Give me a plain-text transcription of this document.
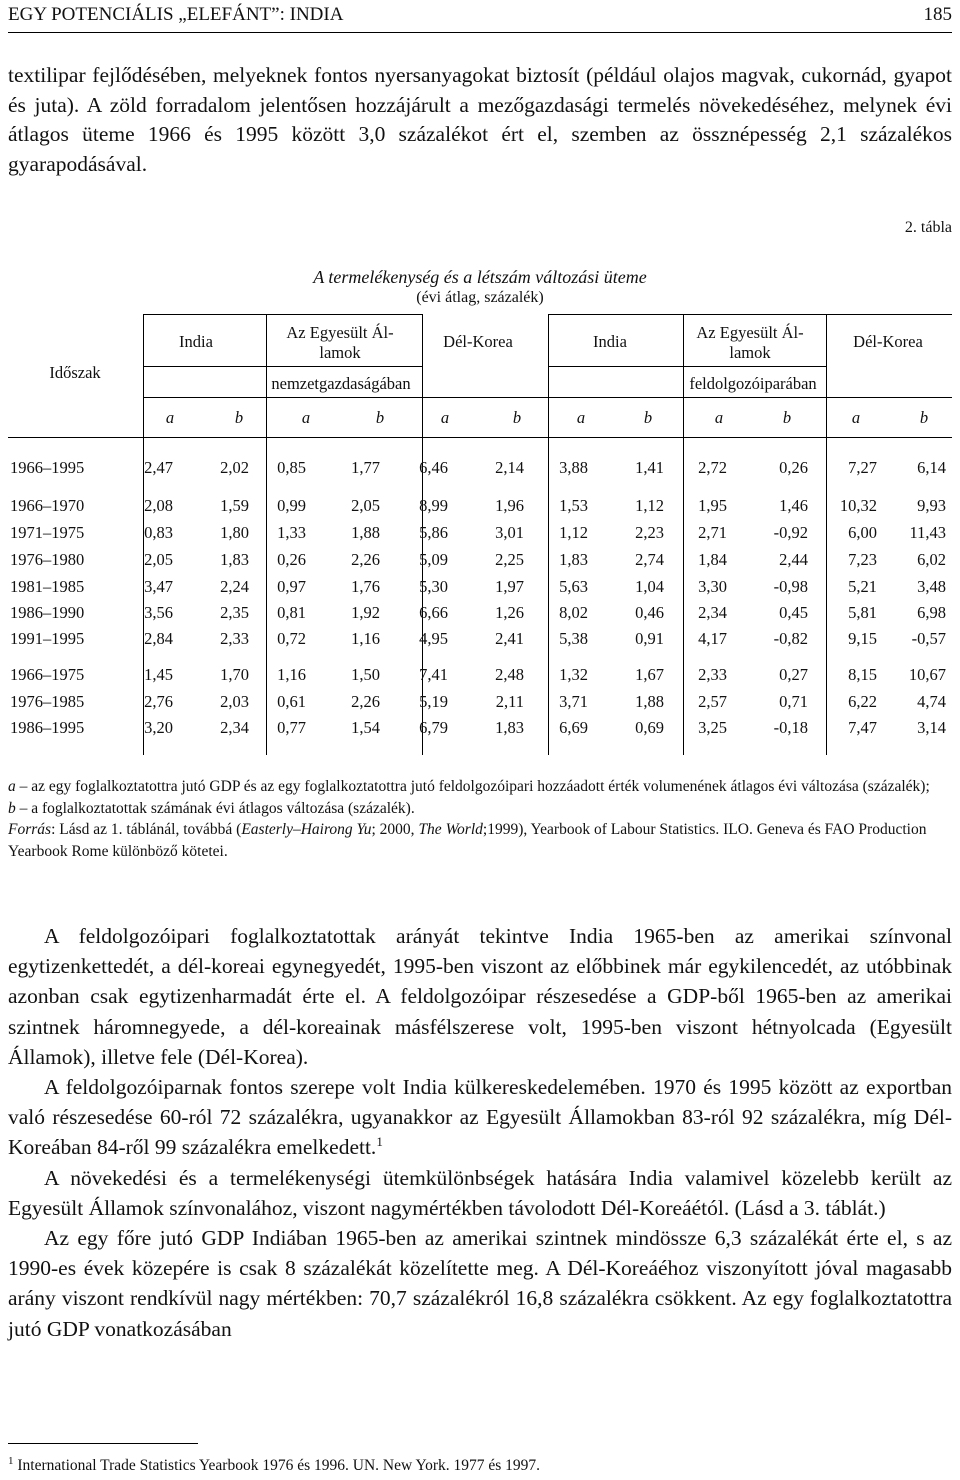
EGY POTENCIÁLIS „ELEFÁNT”: INDIA	185
textilipar fejlődésében, melyeknek fontos nyersanyagokat biztosít (például olajos magvak, cukornád, gyapot és juta). A zöld forradalom jelentősen hozzájárult a mezőgazdasági termelés növekedéséhez, melynek évi átlagos üteme 1966 és 1995 között 3,0 százalékot ért el, szemben az össznépesség 2,1 százalékos gyarapodásával.
2. tábla
A termelékenység és a létszám változási üteme
(évi átlag, százalék)
Időszak
India	Az Egyesült Ál-
lamok
Dél-Korea	India	Az Egyesült Ál-
lamok
Dél-Korea
nemzetgazdaságában	feldolgozóiparában
a	b	a	b	a	b	a	b	a	b	a	b
1966–1995	2,47	2,02 0,85	1,77 6,46	2,14 3,88	1,41 2,72	0,26 7,27 6,14
1966–1970	2,08	1,59 0,99	2,05 8,99	1,96 1,53	1,12 1,95	1,46 10,32 9,93
1971–1975	0,83	1,80 1,33	1,88 5,86	3,01 1,12	2,23 2,71	-0,92 6,00 11,43
1976–1980	2,05	1,83 0,26	2,26 5,09	2,25 1,83	2,74 1,84	2,44 7,23 6,02
1981–1985	3,47	2,24 0,97	1,76 5,30	1,97 5,63	1,04 3,30	-0,98 5,21 3,48
1986–1990	3,56	2,35 0,81	1,92 6,66	1,26 8,02	0,46 2,34	0,45 5,81 6,98
1991–1995	2,84	2,33 0,72	1,16 4,95	2,41 5,38	0,91 4,17	-0,82 9,15 -0,57
1966–1975	1,45	1,70 1,16	1,50 7,41	2,48 1,32	1,67 2,33	0,27 8,15 10,67
1976–1985	2,76	2,03 0,61	2,26 5,19	2,11 3,71	1,88 2,57	0,71 6,22 4,74
1986–1995	3,20	2,34 0,77	1,54 6,79	1,83 6,69	0,69 3,25	-0,18 7,47 3,14

a – az egy foglalkoztatottra jutó GDP és az egy foglalkoztatottra jutó feldolgozóipari hozzáadott érték volumenének átlagos évi változása (százalék);

b – a foglalkoztatottak számának évi átlagos változása (százalék).

Forrás: Lásd az 1. táblánál, továbbá (Easterly–Hairong Yu; 2000, The World;1999), Yearbook of Labour Statistics. ILO. Geneva és FAO Production Yearbook Rome különböző kötetei.

A feldolgozóipari foglalkoztatottak arányát tekintve India 1965-ben az amerikai színvonal egytizenkettedét, a dél-koreai egynegyedét, 1995-ben viszont az előbbinek már egykilencedét, az utóbbinak azonban csak egytizenharmadát érte el. A feldolgozóipar részesedése a GDP-ből 1965-ben az amerikai szintnek háromnegyede, a dél-koreainak másfélszerese volt, 1995-ben viszont hétnyolcada (Egyesült Államok), illetve fele (Dél-Korea).

A feldolgozóiparnak fontos szerepe volt India külkereskedelemében. 1970 és 1995 között az exportban való részesedése 60-ról 72 százalékra, ugyanakkor az Egyesült Államokban 83-ról 92 százalékra, míg Dél-Koreában 84-ről 99 százalékra emelkedett.$^1$

A növekedési és a termelékenységi ütemkülönbségek hatására India valamivel közelebb került az Egyesült Államok színvonalához, viszont nagymértékben távolodott Dél-Koreáétól. (Lásd a 3. táblát.)

Az egy főre jutó GDP Indiában 1965-ben az amerikai szintnek mindössze 6,3 százalékát érte el, s az 1990-es évek közepére is csak 8 százalékát közelítette meg. A Dél-Koreáéhoz viszonyított jóval magasabb arány viszont rendkívül nagy mértékben: 70,7 százalékról 16,8 százalékra csökkent. Az egy foglalkoztatottra jutó GDP vonatkozásában

$^1$ International Trade Statistics Yearbook 1976 és 1996. UN. New York. 1977 és 1997.
